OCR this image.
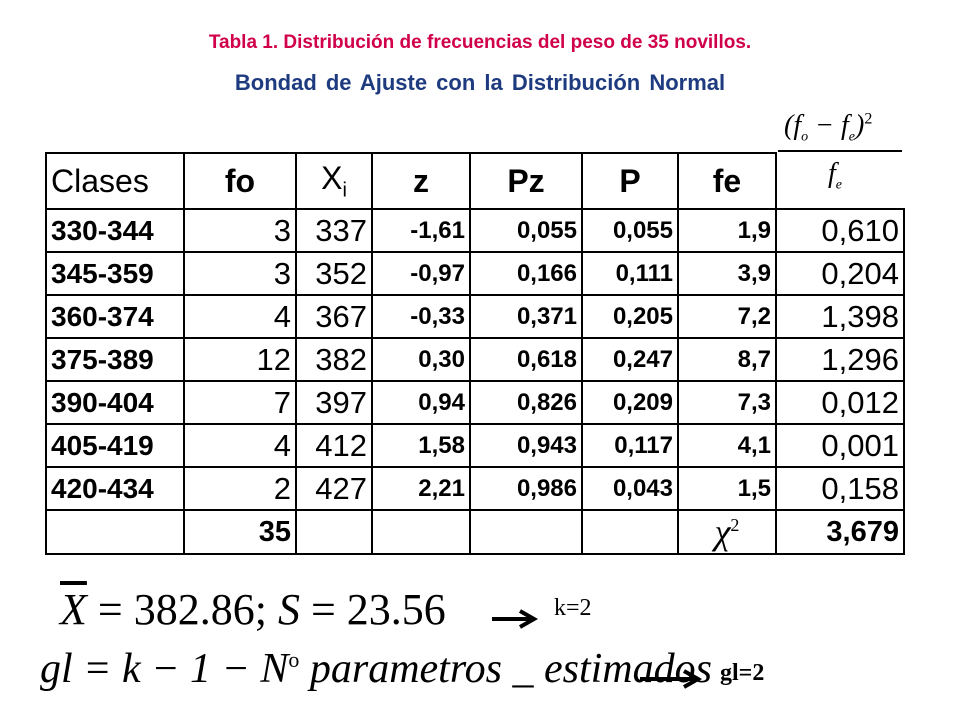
Tabla 1. Distribución de frecuencias del peso de 35 novillos.
Bondad de Ajuste con la Distribución Normal
$(f_o - f_e)^2$
$f_e$
Clases	fo	$X_i$	z	Pz	P	fe	
330-344	3	337	-1,61	0,055	0,055	1,9	0,610
345-359	3	352	-0,97	0,166	0,111	3,9	0,204
360-374	4	367	-0,33	0,371	0,205	7,2	1,398
375-389	12	382	0,30	0,618	0,247	8,7	1,296
390-404	7	397	0,94	0,826	0,209	7,3	0,012
405-419	4	412	1,58	0,943	0,117	4,1	0,001
420-434	2	427	2,21	0,986	0,043	1,5	0,158
	35					$\chi^2$	3,679
$\overline{X} = 382.86$; S = 23.56	k=2
gl = $k - 1 - N^o$ parametros _ estimados gl=2
